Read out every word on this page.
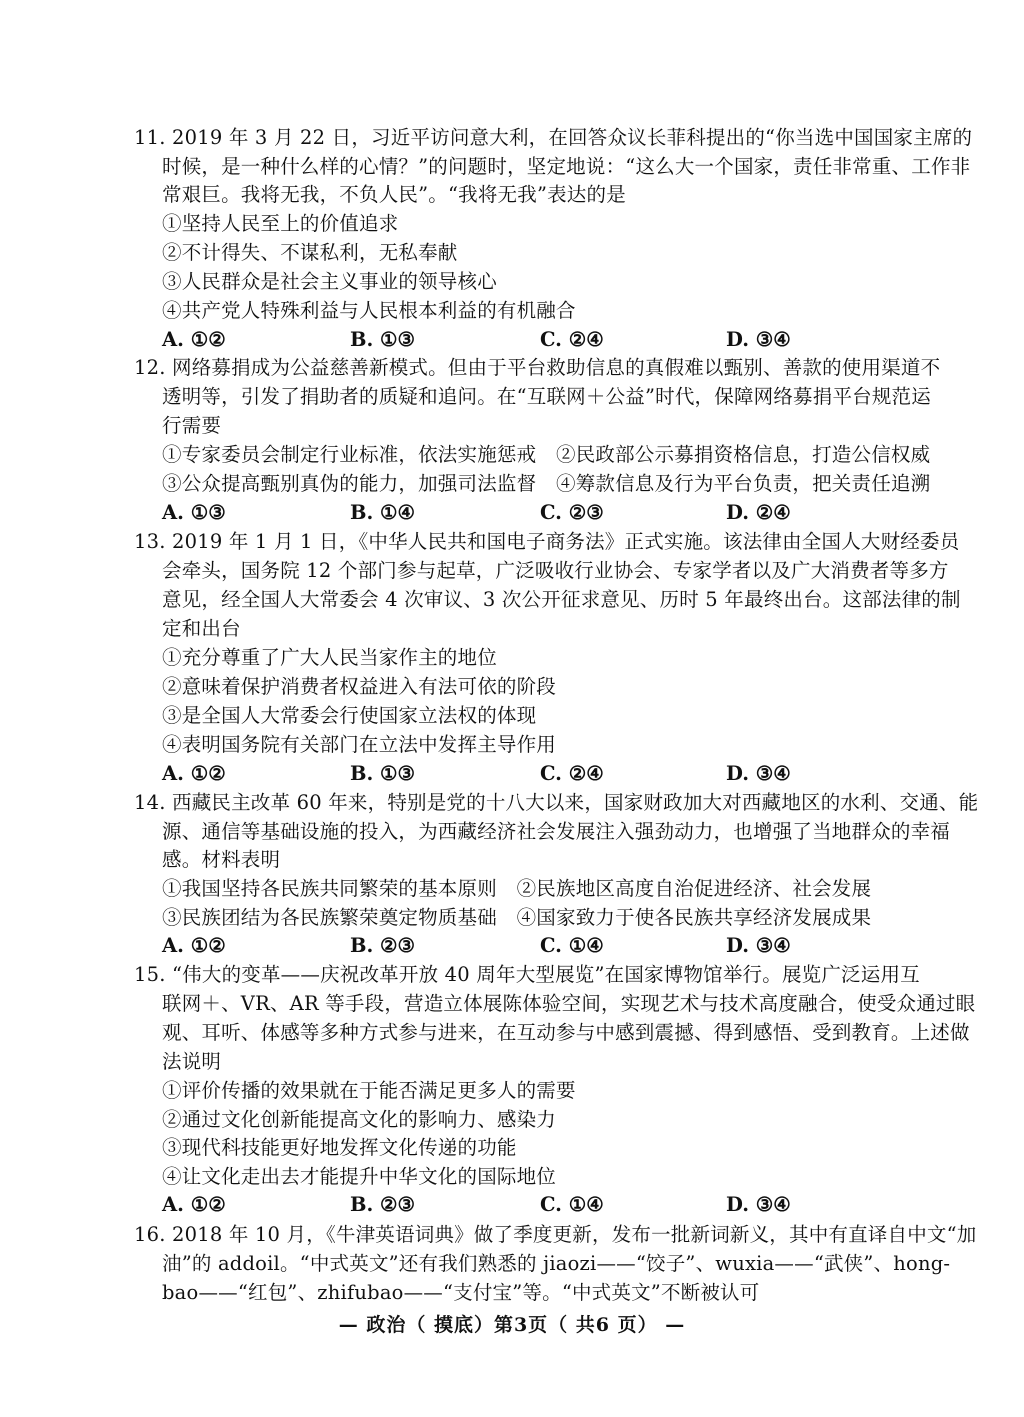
11. 2019 年 3 月 22 日，习近平访问意大利，在回答众议长菲科提出的“你当选中国国家主席的
时候，是一种什么样的心情？”的问题时，坚定地说：“这么大一个国家，责任非常重、工作非
常艰巨。我将无我，不负人民”。“我将无我”表达的是
①坚持人民至上的价值追求
②不计得失、不谋私利，无私奉献
③人民群众是社会主义事业的领导核心
④共产党人特殊利益与人民根本利益的有机融合
A. ①②	B. ①③	C. ②④	D. ③④
12. 网络募捐成为公益慈善新模式。但由于平台救助信息的真假难以甄别、善款的使用渠道不
透明等，引发了捐助者的质疑和追问。在“互联网＋公益”时代，保障网络募捐平台规范运
行需要
①专家委员会制定行业标准，依法实施惩戒　②民政部公示募捐资格信息，打造公信权威
③公众提高甄别真伪的能力，加强司法监督　④筹款信息及行为平台负责，把关责任追溯
A. ①③	B. ①④	C. ②③	D. ②④
13. 2019 年 1 月 1 日，《中华人民共和国电子商务法》正式实施。该法律由全国人大财经委员
会牵头，国务院 12 个部门参与起草，广泛吸收行业协会、专家学者以及广大消费者等多方
意见，经全国人大常委会 4 次审议、3 次公开征求意见、历时 5 年最终出台。这部法律的制
定和出台
①充分尊重了广大人民当家作主的地位
②意味着保护消费者权益进入有法可依的阶段
③是全国人大常委会行使国家立法权的体现
④表明国务院有关部门在立法中发挥主导作用
A. ①②	B. ①③	C. ②④	D. ③④
14. 西藏民主改革 60 年来，特别是党的十八大以来，国家财政加大对西藏地区的水利、交通、能
源、通信等基础设施的投入，为西藏经济社会发展注入强劲动力，也增强了当地群众的幸福
感。材料表明
①我国坚持各民族共同繁荣的基本原则　②民族地区高度自治促进经济、社会发展
③民族团结为各民族繁荣奠定物质基础　④国家致力于使各民族共享经济发展成果
A. ①②	B. ②③	C. ①④	D. ③④
15. “伟大的变革——庆祝改革开放 40 周年大型展览”在国家博物馆举行。展览广泛运用互
联网＋、VR、AR 等手段，营造立体展陈体验空间，实现艺术与技术高度融合，使受众通过眼
观、耳听、体感等多种方式参与进来，在互动参与中感到震撼、得到感悟、受到教育。上述做
法说明
①评价传播的效果就在于能否满足更多人的需要
②通过文化创新能提高文化的影响力、感染力
③现代科技能更好地发挥文化传递的功能
④让文化走出去才能提升中华文化的国际地位
A. ①②	B. ②③	C. ①④	D. ③④
16. 2018 年 10 月，《牛津英语词典》做了季度更新，发布一批新词新义，其中有直译自中文“加
油”的 addoil。“中式英文”还有我们熟悉的 jiaozi——“饺子”、wuxia——“武侠”、hong-
bao——“红包”、zhifubao——“支付宝”等。“中式英文”不断被认可
— 政治（ 摸底）第3页（ 共6 页） —
